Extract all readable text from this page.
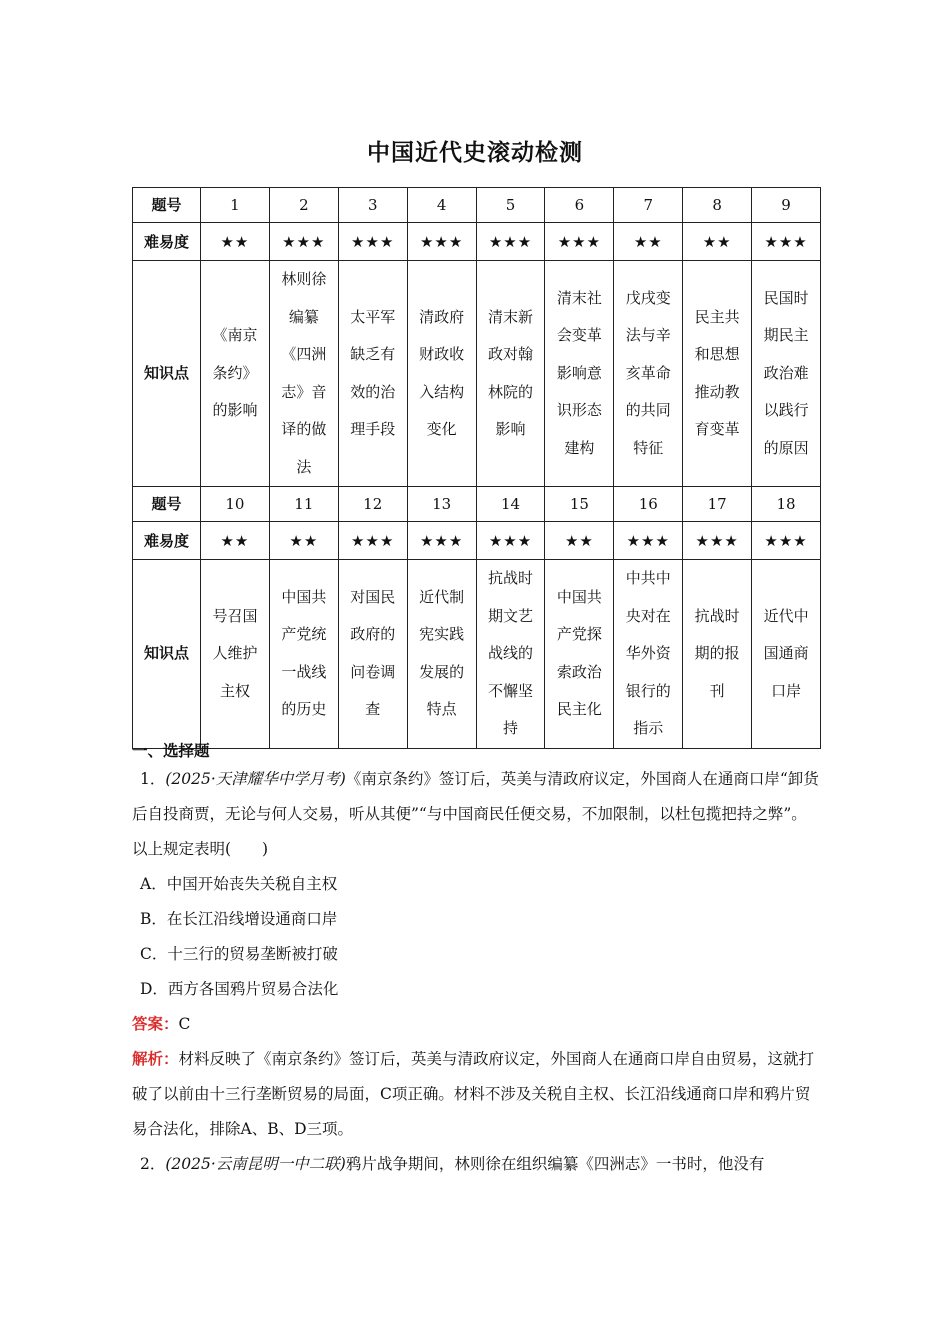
中国近代史滚动检测
题号	1	2	3	4	5	6	7	8	9
难易度	★★	★★★	★★★	★★★	★★★	★★★	★★	★★	★★★
知识点	《南京条约》的影响	林则徐编纂《四洲志》音译的做法	太平军缺乏有效的治理手段	清政府财政收入结构变化	清末新政对翰林院的影响	清末社会变革影响意识形态建构	戊戌变法与辛亥革命的共同特征	民主共和思想推动教育变革	民国时期民主政治难以践行的原因
题号	10	11	12	13	14	15	16	17	18
难易度	★★	★★	★★★	★★★	★★★	★★	★★★	★★★	★★★
知识点	号召国人维护主权	中国共产党统一战线的历史	对国民政府的问卷调查	近代制宪实践发展的特点	抗战时期文艺战线的不懈坚持	中国共产党探索政治民主化	中共中央对在华外资银行的指示	抗战时期的报刊	近代中国通商口岸

一、选择题

1．(2025·天津耀华中学月考)《南京条约》签订后，英美与清政府议定，外国商人在通商口岸“卸货后自投商贾，无论与何人交易，听从其便”“与中国商民任便交易，不加限制，以杜包揽把持之弊”。以上规定表明(　　)

A．中国开始丧失关税自主权

B．在长江沿线增设通商口岸

C．十三行的贸易垄断被打破

D．西方各国鸦片贸易合法化

答案：C

解析：材料反映了《南京条约》签订后，英美与清政府议定，外国商人在通商口岸自由贸易，这就打破了以前由十三行垄断贸易的局面，C项正确。材料不涉及关税自主权、长江沿线通商口岸和鸦片贸易合法化，排除A、B、D三项。

2．(2025·云南昆明一中二联)鸦片战争期间，林则徐在组织编纂《四洲志》一书时，他没有
